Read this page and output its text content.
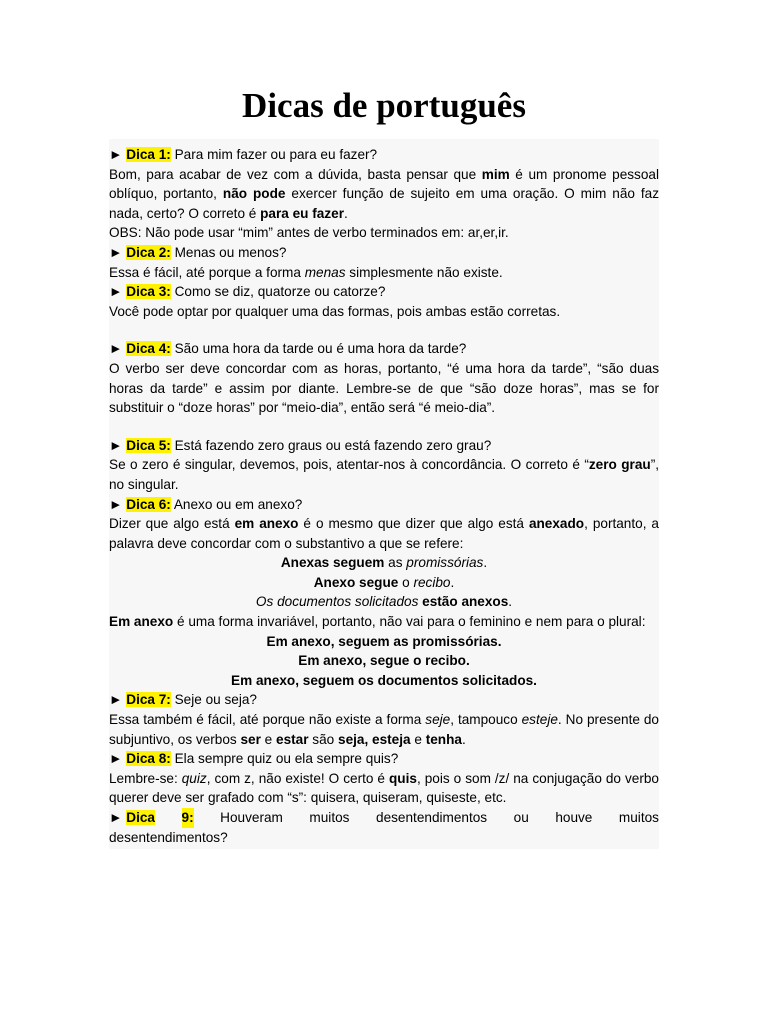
Dicas de português

► Dica 1: Para mim fazer ou para eu fazer?

Bom, para acabar de vez com a dúvida, basta pensar que mim é um pronome pessoal oblíquo, portanto, não pode exercer função de sujeito em uma oração. O mim não faz nada, certo? O correto é para eu fazer.

OBS: Não pode usar “mim” antes de verbo terminados em: ar,er,ir.

► Dica 2: Menas ou menos?

Essa é fácil, até porque a forma menas simplesmente não existe.

► Dica 3: Como se diz, quatorze ou catorze?

Você pode optar por qualquer uma das formas, pois ambas estão corretas.

► Dica 4: São uma hora da tarde ou é uma hora da tarde?

O verbo ser deve concordar com as horas, portanto, “é uma hora da tarde”, “são duas horas da tarde” e assim por diante. Lembre-se de que “são doze horas”, mas se for substituir o “doze horas” por “meio-dia”, então será “é meio-dia”.

► Dica 5: Está fazendo zero graus ou está fazendo zero grau?

Se o zero é singular, devemos, pois, atentar-nos à concordância. O correto é “zero grau”, no singular.

► Dica 6: Anexo ou em anexo?

Dizer que algo está em anexo é o mesmo que dizer que algo está anexado, portanto, a palavra deve concordar com o substantivo a que se refere:

Anexas seguem as promissórias.

Anexo segue o recibo.

Os documentos solicitados estão anexos.

Em anexo é uma forma invariável, portanto, não vai para o feminino e nem para o plural:

Em anexo, seguem as promissórias.

Em anexo, segue o recibo.

Em anexo, seguem os documentos solicitados.

► Dica 7: Seje ou seja?

Essa também é fácil, até porque não existe a forma seje, tampouco esteje. No presente do subjuntivo, os verbos ser e estar são seja, esteja e tenha.

► Dica 8: Ela sempre quiz ou ela sempre quis?

Lembre-se: quiz, com z, não existe! O certo é quis, pois o som /z/ na conjugação do verbo querer deve ser grafado com “s”: quisera, quiseram, quiseste, etc.

► Dica 9: Houveram muitos desentendimentos ou houve muitos

desentendimentos?
